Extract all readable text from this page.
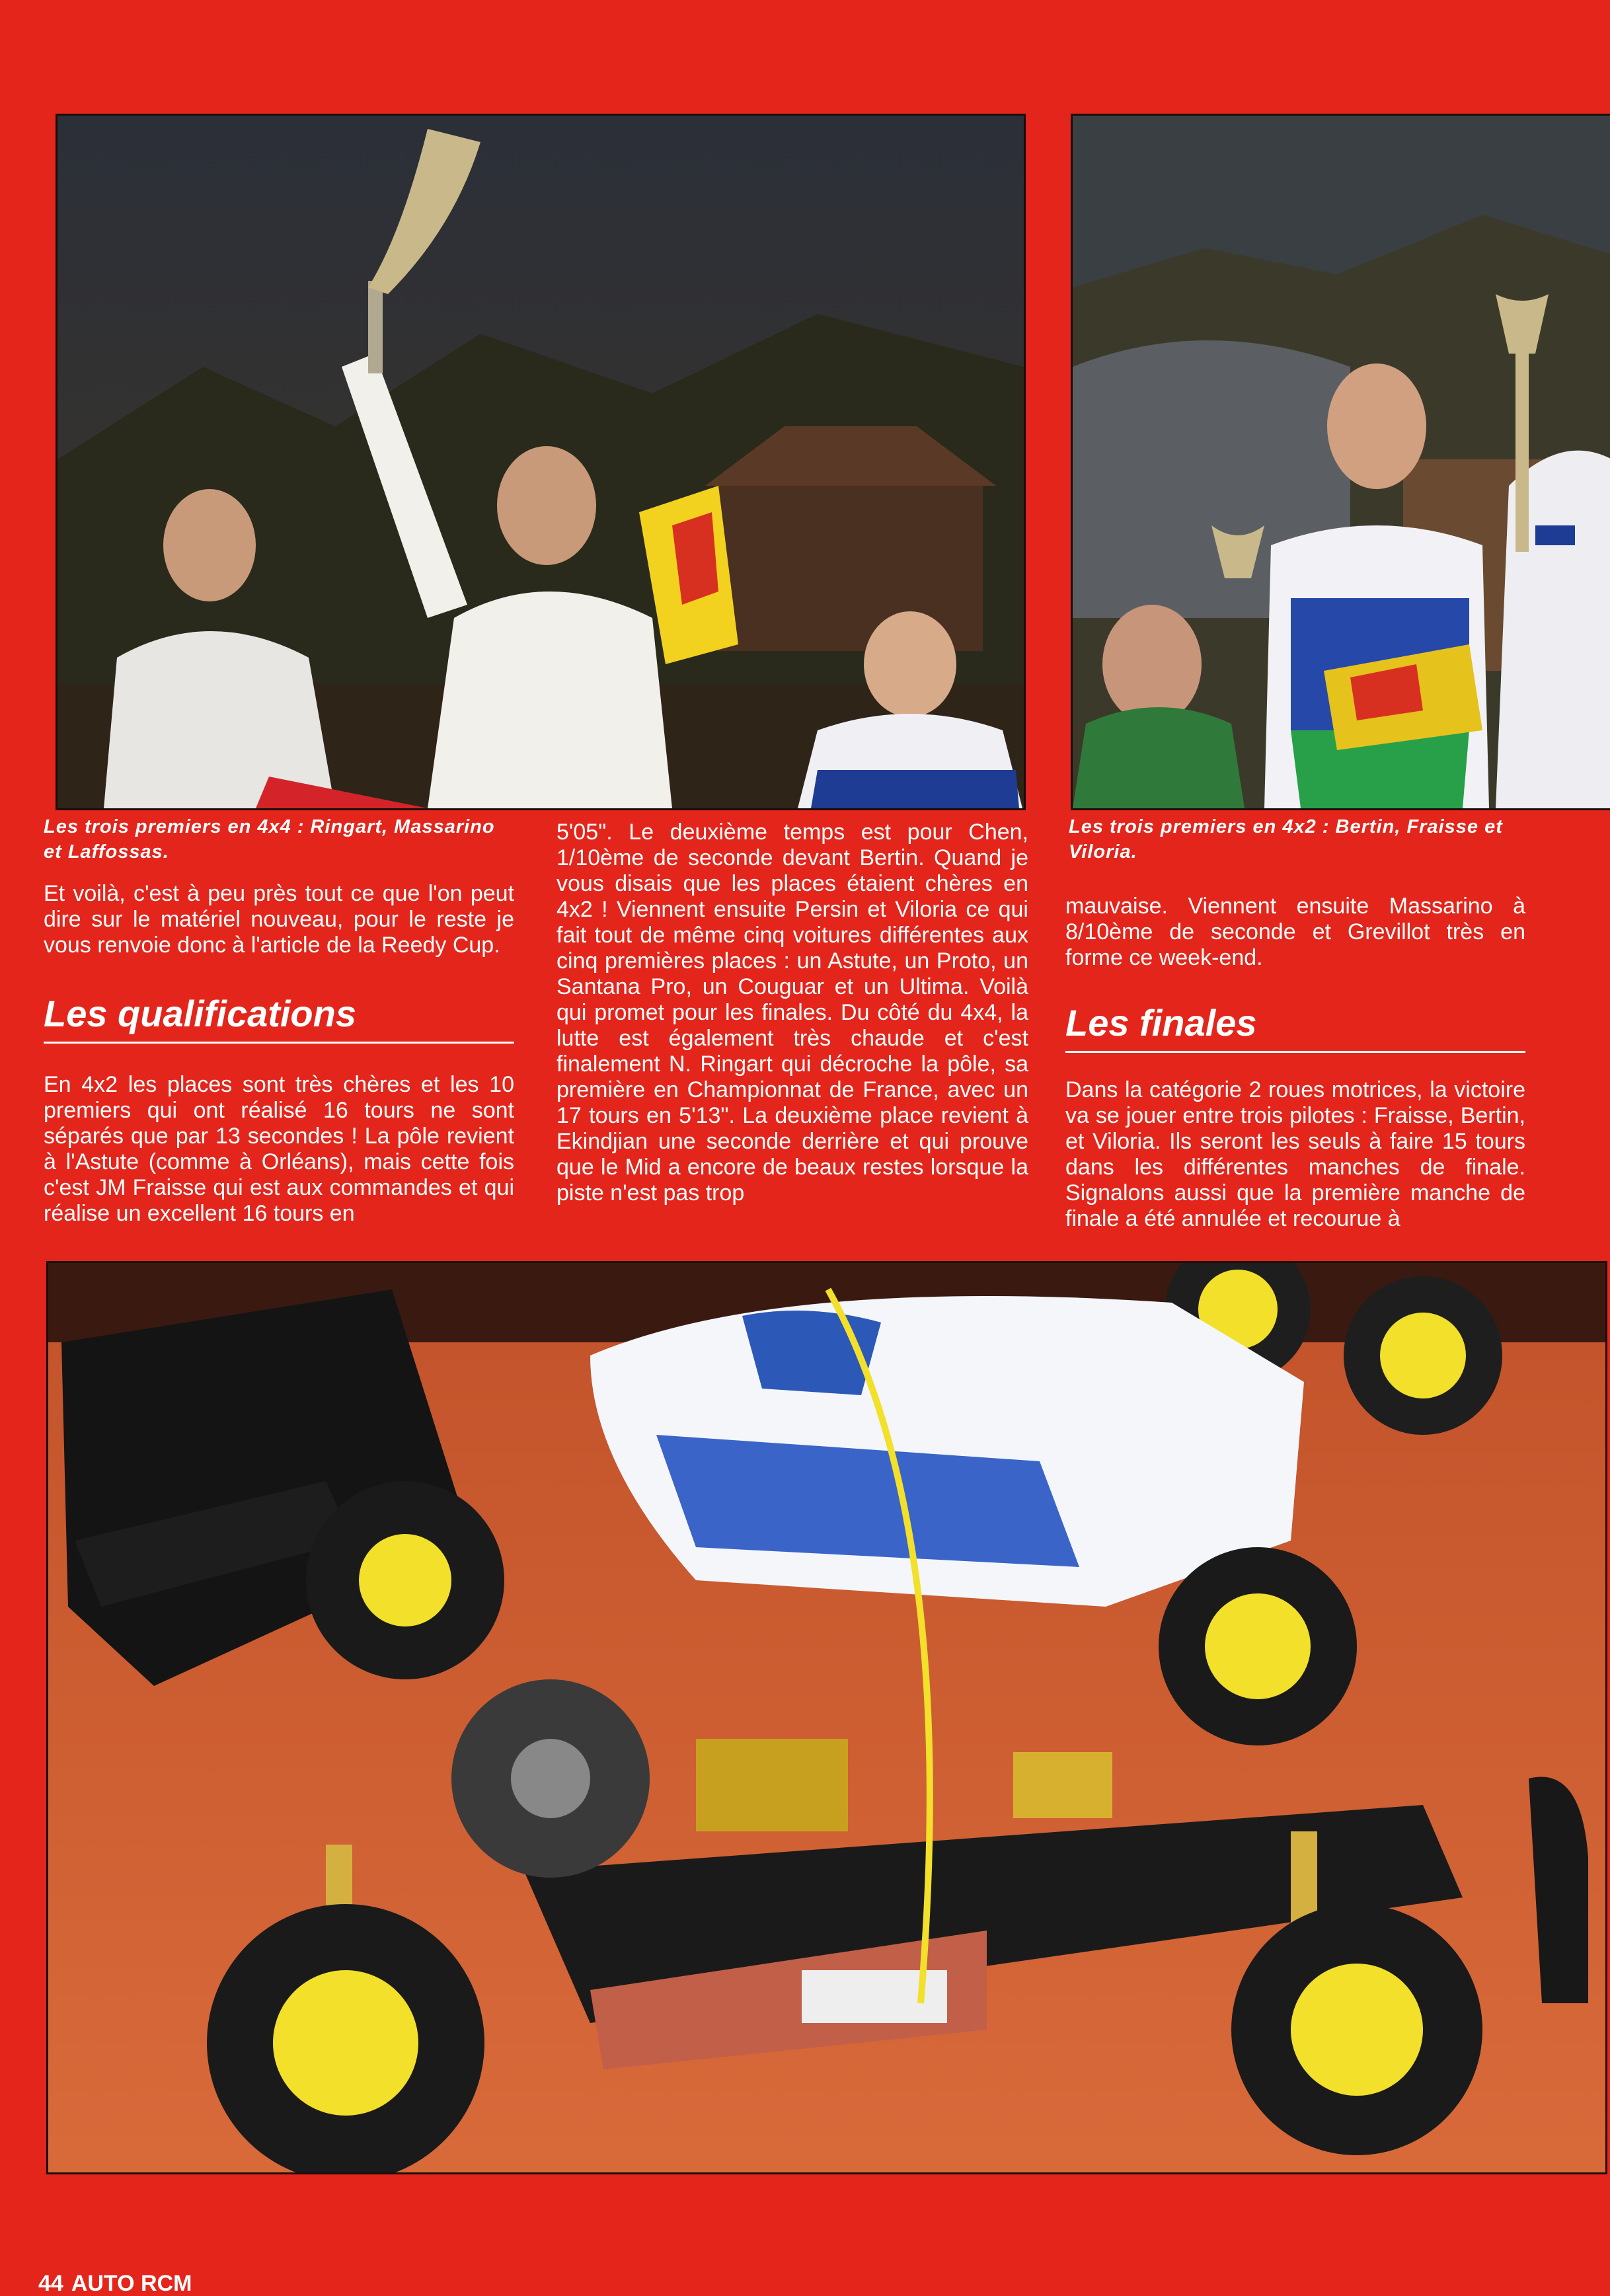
Les trois premiers en 4x4 : Ringart, Massarino et Laffossas.

Les trois premiers en 4x2 : Bertin, Fraisse et Viloria.

Et voilà, c'est à peu près tout ce que l'on peut dire sur le matériel nouveau, pour le reste je vous renvoie donc à l'article de la Reedy Cup.

Les qualifications

En 4x2 les places sont très chères et les 10 premiers qui ont réalisé 16 tours ne sont séparés que par 13 secondes ! La pôle revient à l'Astute (comme à Orléans), mais cette fois c'est JM Fraisse qui est aux commandes et qui réalise un excellent 16 tours en

5'05". Le deuxième temps est pour Chen, 1/10ème de seconde devant Bertin. Quand je vous disais que les places étaient chères en 4x2 ! Viennent ensuite Persin et Viloria ce qui fait tout de même cinq voitures différentes aux cinq premières places : un Astute, un Proto, un Santana Pro, un Couguar et un Ultima. Voilà qui promet pour les finales. Du côté du 4x4, la lutte est également très chaude et c'est finalement N. Ringart qui décroche la pôle, sa première en Championnat de France, avec un 17 tours en 5'13". La deuxième place revient à Ekindjian une seconde derrière et qui prouve que le Mid a encore de beaux restes lorsque la piste n'est pas trop

mauvaise. Viennent ensuite Massarino à 8/10ème de seconde et Grevillot très en forme ce week-end.

Les finales

Dans la catégorie 2 roues motrices, la victoire va se jouer entre trois pilotes : Fraisse, Bertin, et Viloria. Ils seront les seuls à faire 15 tours dans les différentes manches de finale. Signalons aussi que la première manche de finale a été annulée et recourue à

44 AUTO RCM
